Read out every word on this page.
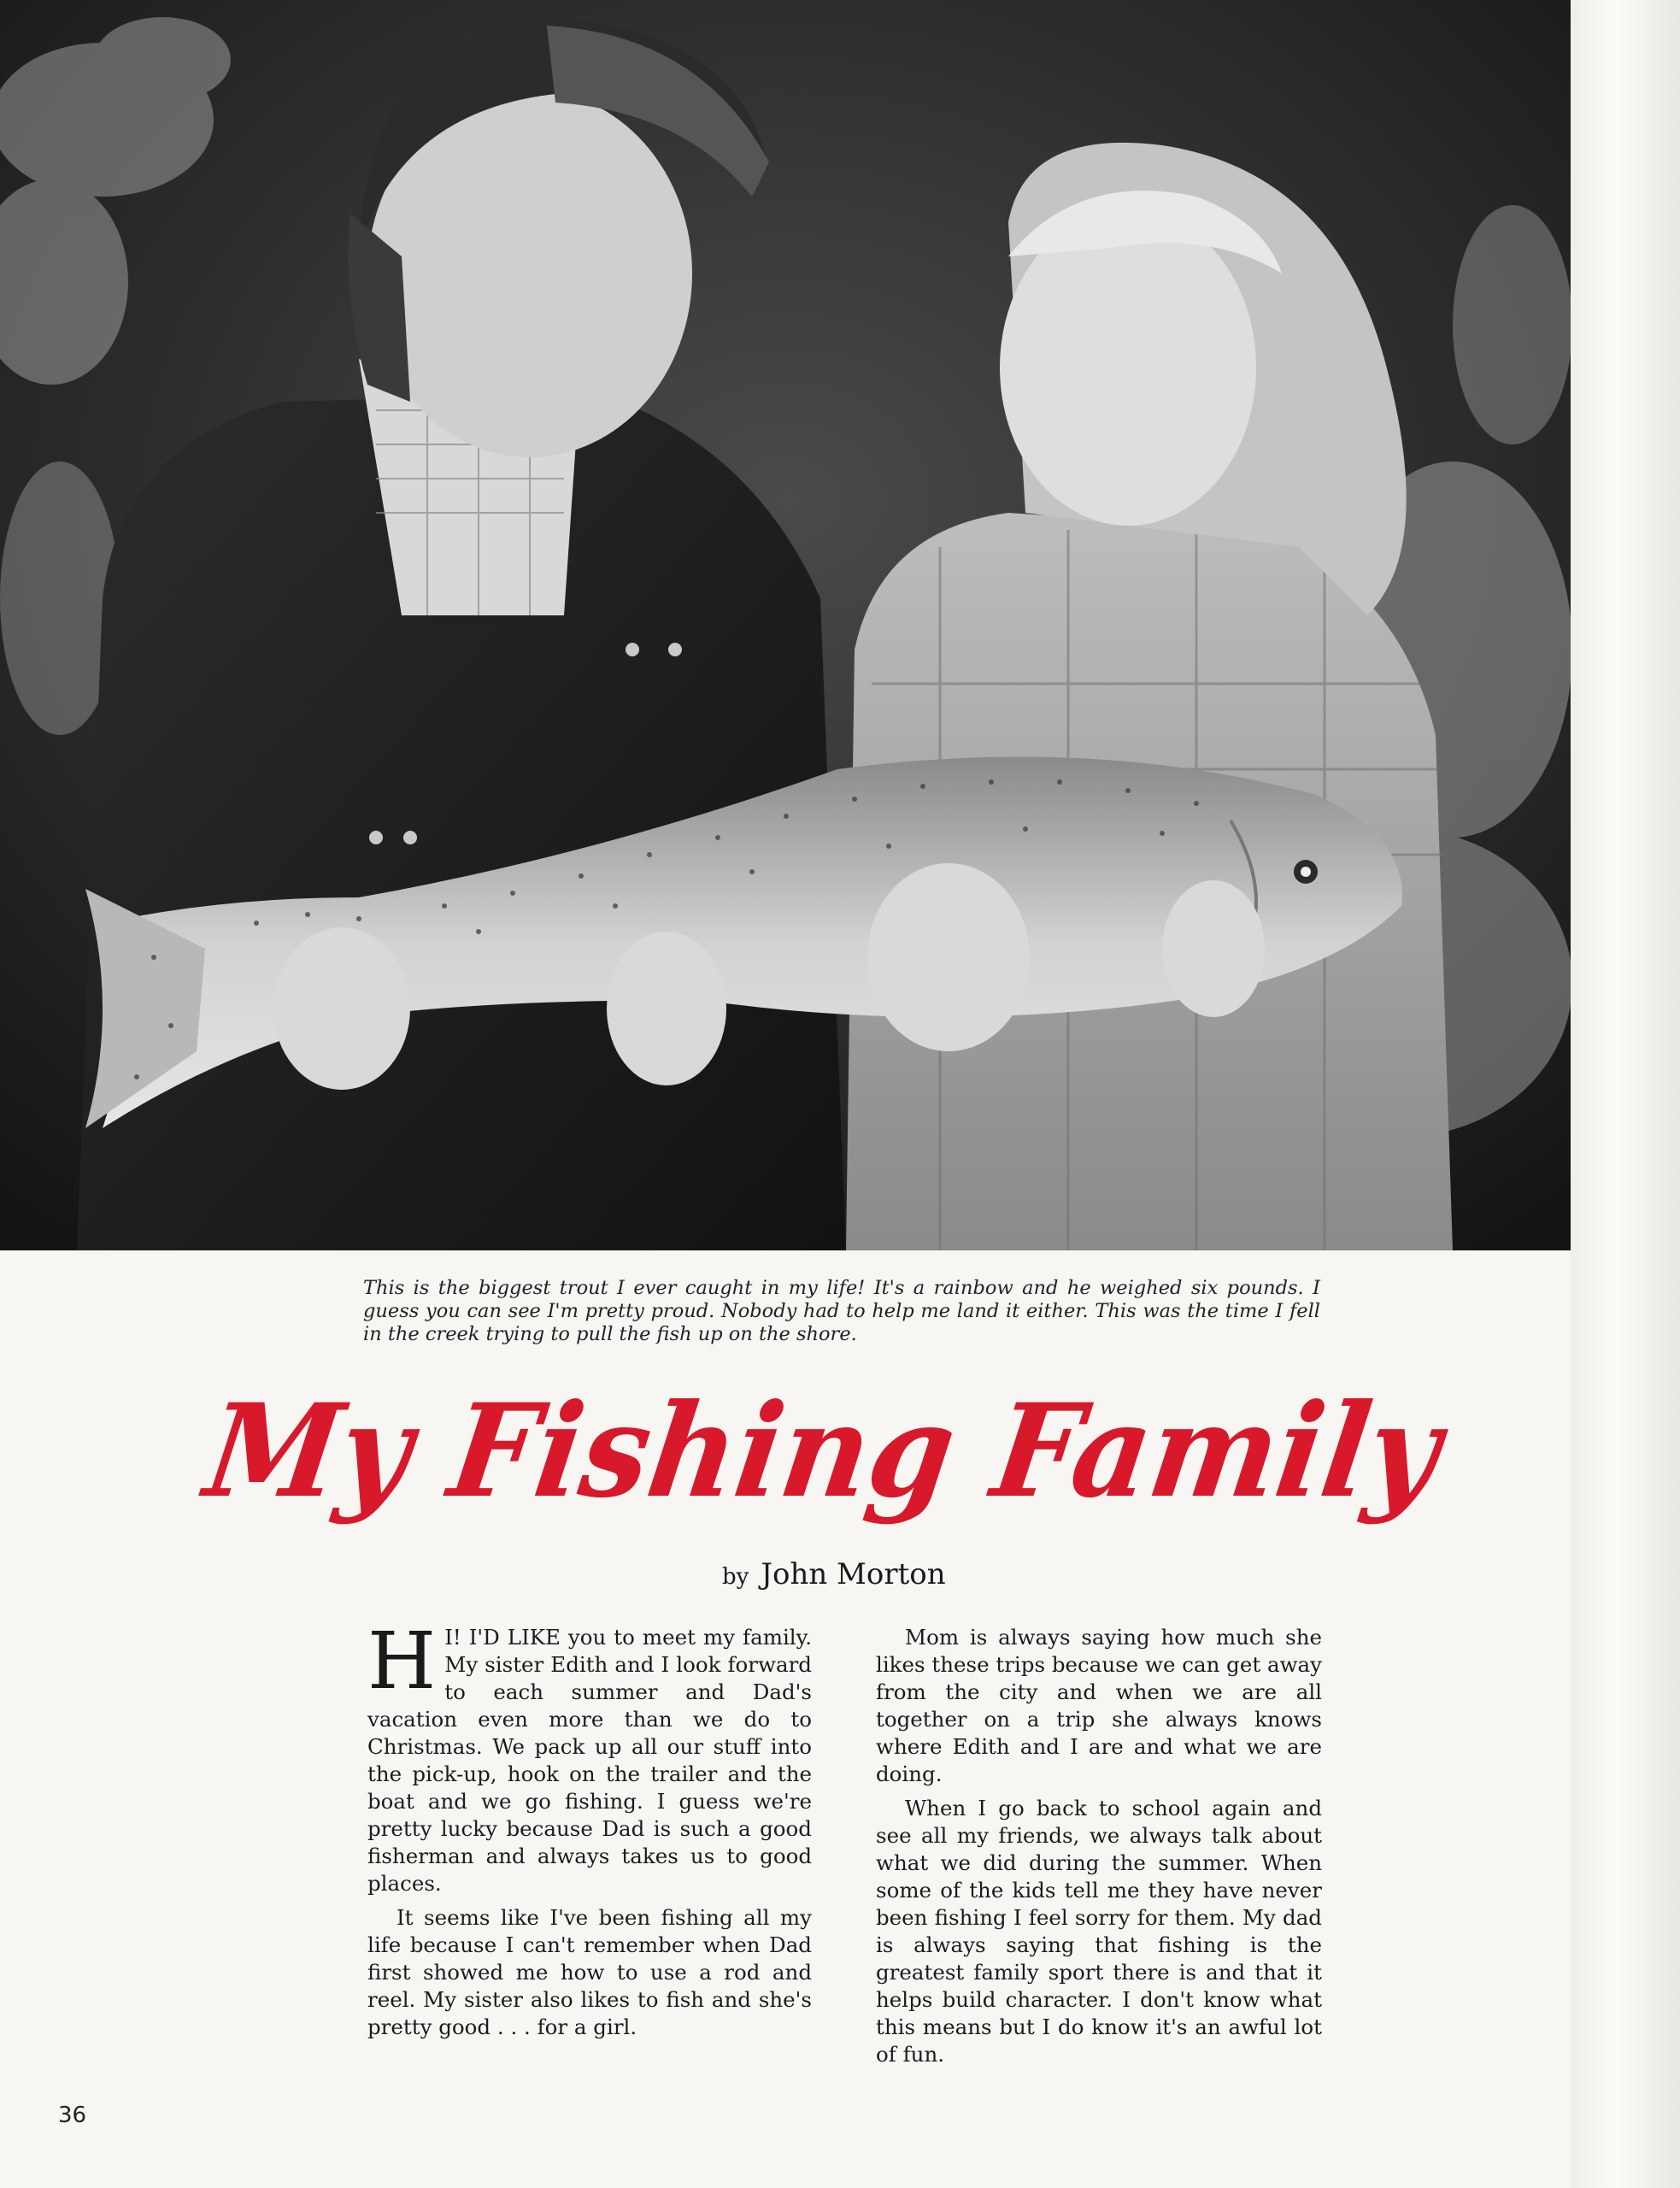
This is the biggest trout I ever caught in my life! It's a rainbow and he weighed six pounds. I guess you can see I'm pretty proud. Nobody had to help me land it either. This was the time I fell in the creek trying to pull the fish up on the shore.
My Fishing Family
by John Morton

H I! I'D LIKE you to meet my family. My sister Edith and I look forward to each summer and Dad's vacation even more than we do to Christmas. We pack up all our stuff into the pick-up, hook on the trailer and the boat and we go fishing. I guess we're pretty lucky because Dad is such a good fisherman and always takes us to good places.

It seems like I've been fishing all my life because I can't remember when Dad first showed me how to use a rod and reel. My sister also likes to fish and she's pretty good . . . for a girl.

Mom is always saying how much she likes these trips because we can get away from the city and when we are all together on a trip she always knows where Edith and I are and what we are doing.

When I go back to school again and see all my friends, we always talk about what we did during the summer. When some of the kids tell me they have never been fishing I feel sorry for them. My dad is always saying that fishing is the greatest family sport there is and that it helps build character. I don't know what this means but I do know it's an awful lot of fun.

36
